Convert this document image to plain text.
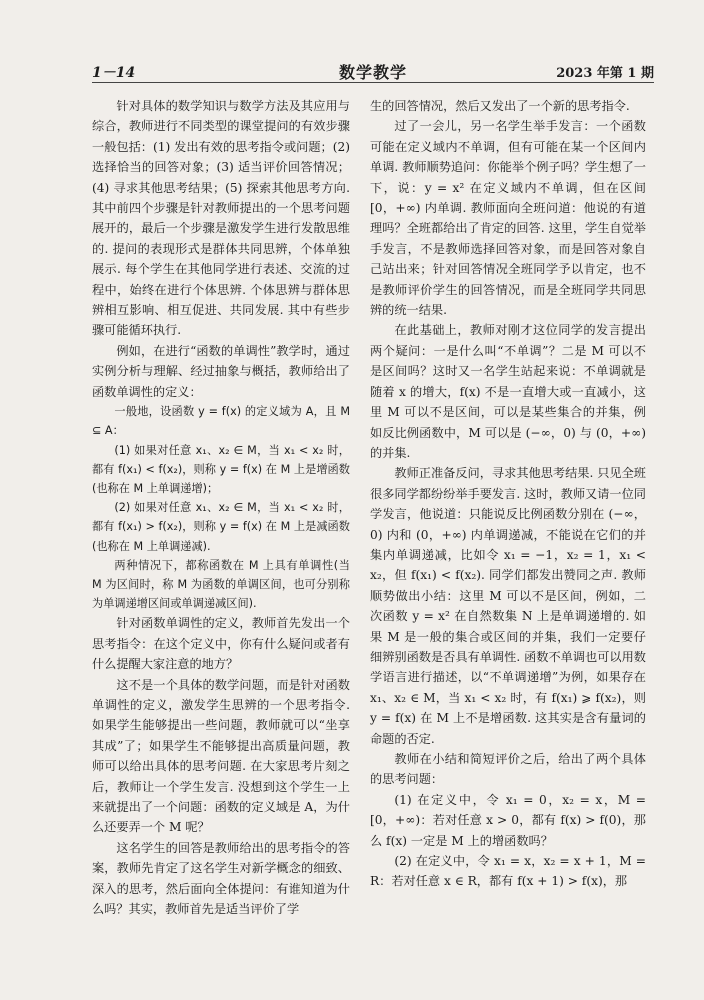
1－14	数学教学	2023 年第 1 期

针对具体的数学知识与数学方法及其应用与综合，教师进行不同类型的课堂提问的有效步骤一般包括：(1) 发出有效的思考指令或问题；(2) 选择恰当的回答对象；(3) 适当评价回答情况；(4) 寻求其他思考结果；(5) 探索其他思考方向. 其中前四个步骤是针对教师提出的一个思考问题展开的，最后一个步骤是激发学生进行发散思维的. 提问的表现形式是群体共同思辨，个体单独展示. 每个学生在其他同学进行表述、交流的过程中，始终在进行个体思辨. 个体思辨与群体思辨相互影响、相互促进、共同发展. 其中有些步骤可能循环执行.

例如，在进行“函数的单调性”教学时，通过实例分析与理解、经过抽象与概括，教师给出了函数单调性的定义：

一般地，设函数 y = f(x) 的定义域为 A，且 M ⊆ A：

(1) 如果对任意 x₁、x₂ ∈ M，当 x₁ < x₂ 时，都有 f(x₁) < f(x₂)，则称 y = f(x) 在 M 上是增函数(也称在 M 上单调递增)；

(2) 如果对任意 x₁、x₂ ∈ M，当 x₁ < x₂ 时，都有 f(x₁) > f(x₂)，则称 y = f(x) 在 M 上是减函数(也称在 M 上单调递减).

两种情况下，都称函数在 M 上具有单调性(当 M 为区间时，称 M 为函数的单调区间，也可分别称为单调递增区间或单调递减区间).

针对函数单调性的定义，教师首先发出一个思考指令：在这个定义中，你有什么疑问或者有什么提醒大家注意的地方？

这不是一个具体的数学问题，而是针对函数单调性的定义，激发学生思辨的一个思考指令. 如果学生能够提出一些问题，教师就可以“坐享其成”了；如果学生不能够提出高质量问题，教师可以给出具体的思考问题. 在大家思考片刻之后，教师让一个学生发言. 没想到这个学生一上来就提出了一个问题：函数的定义域是 A，为什么还要弄一个 M 呢？

这名学生的回答是教师给出的思考指令的答案，教师先肯定了这名学生对新学概念的细致、深入的思考，然后面向全体提问：有谁知道为什么吗？其实，教师首先是适当评价了学

生的回答情况，然后又发出了一个新的思考指令.

过了一会儿，另一名学生举手发言：一个函数可能在定义域内不单调，但有可能在某一个区间内单调. 教师顺势追问：你能举个例子吗？学生想了一下，说：y = x² 在定义域内不单调，但在区间 [0，+∞) 内单调. 教师面向全班问道：他说的有道理吗？全班都给出了肯定的回答. 这里，学生自觉举手发言，不是教师选择回答对象，而是回答对象自己站出来；针对回答情况全班同学予以肯定，也不是教师评价学生的回答情况，而是全班同学共同思辨的统一结果.

在此基础上，教师对刚才这位同学的发言提出两个疑问：一是什么叫“不单调”？二是 M 可以不是区间吗？这时又一名学生站起来说：不单调就是随着 x 的增大，f(x) 不是一直增大或一直减小，这里 M 可以不是区间，可以是某些集合的并集，例如反比例函数中，M 可以是 (−∞，0) 与 (0，+∞) 的并集.

教师正准备反问，寻求其他思考结果. 只见全班很多同学都纷纷举手要发言. 这时，教师又请一位同学发言，他说道：只能说反比例函数分别在 (−∞，0) 内和 (0，+∞) 内单调递减，不能说在它们的并集内单调递减，比如令 x₁ = −1，x₂ = 1，x₁ < x₂，但 f(x₁) < f(x₂). 同学们都发出赞同之声. 教师顺势做出小结：这里 M 可以不是区间，例如，二次函数 y = x² 在自然数集 N 上是单调递增的. 如果 M 是一般的集合或区间的并集，我们一定要仔细辨别函数是否具有单调性. 函数不单调也可以用数学语言进行描述，以“不单调递增”为例，如果存在 x₁、x₂ ∈ M，当 x₁ < x₂ 时，有 f(x₁) ⩾ f(x₂)，则 y = f(x) 在 M 上不是增函数. 这其实是含有量词的命题的否定.

教师在小结和简短评价之后，给出了两个具体的思考问题：

(1) 在定义中，令 x₁ = 0，x₂ = x，M = [0，+∞)：若对任意 x > 0，都有 f(x) > f(0)，那么 f(x) 一定是 M 上的增函数吗？

(2) 在定义中，令 x₁ = x，x₂ = x + 1，M = R：若对任意 x ∈ R，都有 f(x + 1) > f(x)，那
